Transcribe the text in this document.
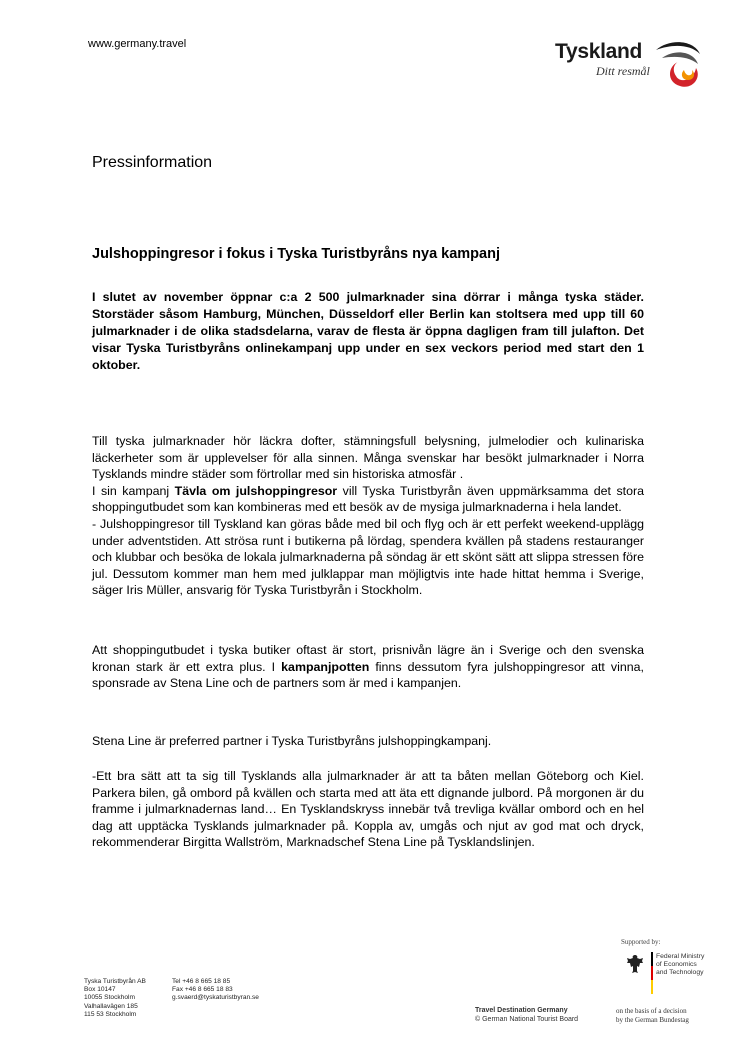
www.germany.travel	Tyskland
Ditt resmål
Pressinformation
Julshoppingresor i fokus i Tyska Turistbyråns nya kampanj
I slutet av november öppnar c:a 2 500 julmarknader sina dörrar i många tyska städer. Storstäder såsom Hamburg, München, Düsseldorf eller Berlin kan stoltsera med upp till 60 julmarknader i de olika stadsdelarna, varav de flesta är öppna dagligen fram till julafton. Det visar Tyska Turistbyråns onlinekampanj upp under en sex veckors period med start den 1 oktober.

Till tyska julmarknader hör läckra dofter, stämningsfull belysning, julmelodier och kulinariska läckerheter som är upplevelser för alla sinnen. Många svenskar har besökt julmarknader i Norra Tysklands mindre städer som förtrollar med sin historiska atmosfär .

I sin kampanj Tävla om julshoppingresor vill Tyska Turistbyrån även uppmärksamma det stora shoppingutbudet som kan kombineras med ett besök av de mysiga julmarknaderna i hela landet.

- Julshoppingresor till Tyskland kan göras både med bil och flyg och är ett perfekt weekend-upplägg under adventstiden. Att strösa runt i butikerna på lördag, spendera kvällen på stadens restauranger och klubbar och besöka de lokala julmarknaderna på söndag är ett skönt sätt att slippa stressen före jul. Dessutom kommer man hem med julklappar man möjligtvis inte hade hittat hemma i Sverige, säger Iris Müller, ansvarig för Tyska Turistbyrån i Stockholm.

Att shoppingutbudet i tyska butiker oftast är stort, prisnivån lägre än i Sverige och den svenska kronan stark är ett extra plus. I kampanjpotten finns dessutom fyra julshoppingresor att vinna, sponsrade av Stena Line och de partners som är med i kampanjen.

Stena Line är preferred partner i Tyska Turistbyråns julshoppingkampanj.
-Ett bra sätt att ta sig till Tysklands alla julmarknader är att ta båten mellan Göteborg och Kiel. Parkera bilen, gå ombord på kvällen och starta med att äta ett dignande julbord. På morgonen är du framme i julmarknadernas land… En Tysklandskryss innebär två trevliga kvällar ombord och en hel dag att upptäcka Tysklands julmarknader på. Koppla av, umgås och njut av god mat och dryck, rekommenderar Birgitta Wallström, Marknadschef Stena Line på Tysklandslinjen.
Tyska Turistbyrån AB
Box 10147
10055 Stockholm
Valhallavägen 185
115 53 Stockholm
Tel +46 8 665 18 85
Fax +46 8 665 18 83
g.svaerd@tyskaturistbyran.se
Travel Destination Germany
© German National Tourist Board
Supported by:
Federal Ministry
of Economics
and Technology
on the basis of a decision
by the German Bundestag
